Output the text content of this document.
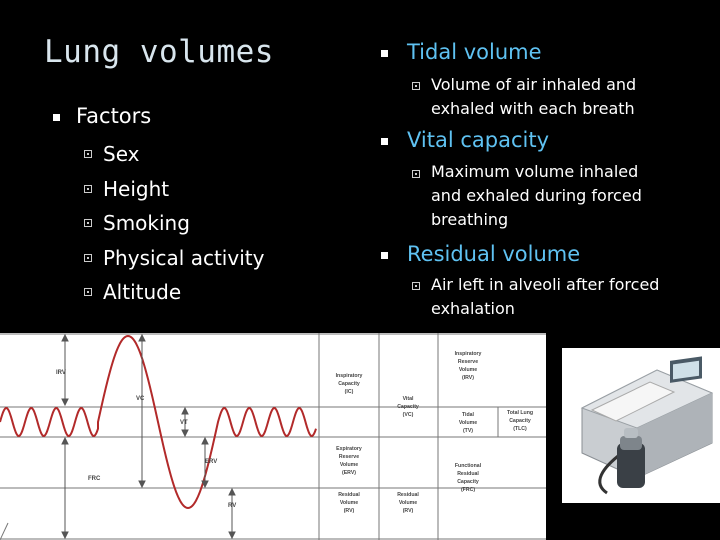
Lung volumes
Factors
Sex
Height
Smoking
Physical activity
Altitude
Tidal volume
Volume of air inhaled and
exhaled with each breath
Vital capacity
Maximum volume inhaled
and exhaled during forced
breathing
Residual volume
Air left in alveoli after forced
exhalation
IRV
VC
VT
ERV
FRC
RV
Inspiratory
Capacity
(IC)
Expiratory
Reserve
Volume
(ERV)
Residual
Volume
(RV)
Vital
Capacity
(VC)
Residual
Volume
(RV)
Inspiratory
Reserve
Volume
(IRV)
Tidal
Volume
(TV)
Functional
Residual
Capacity
(FRC)
Total Lung
Capacity
(TLC)
